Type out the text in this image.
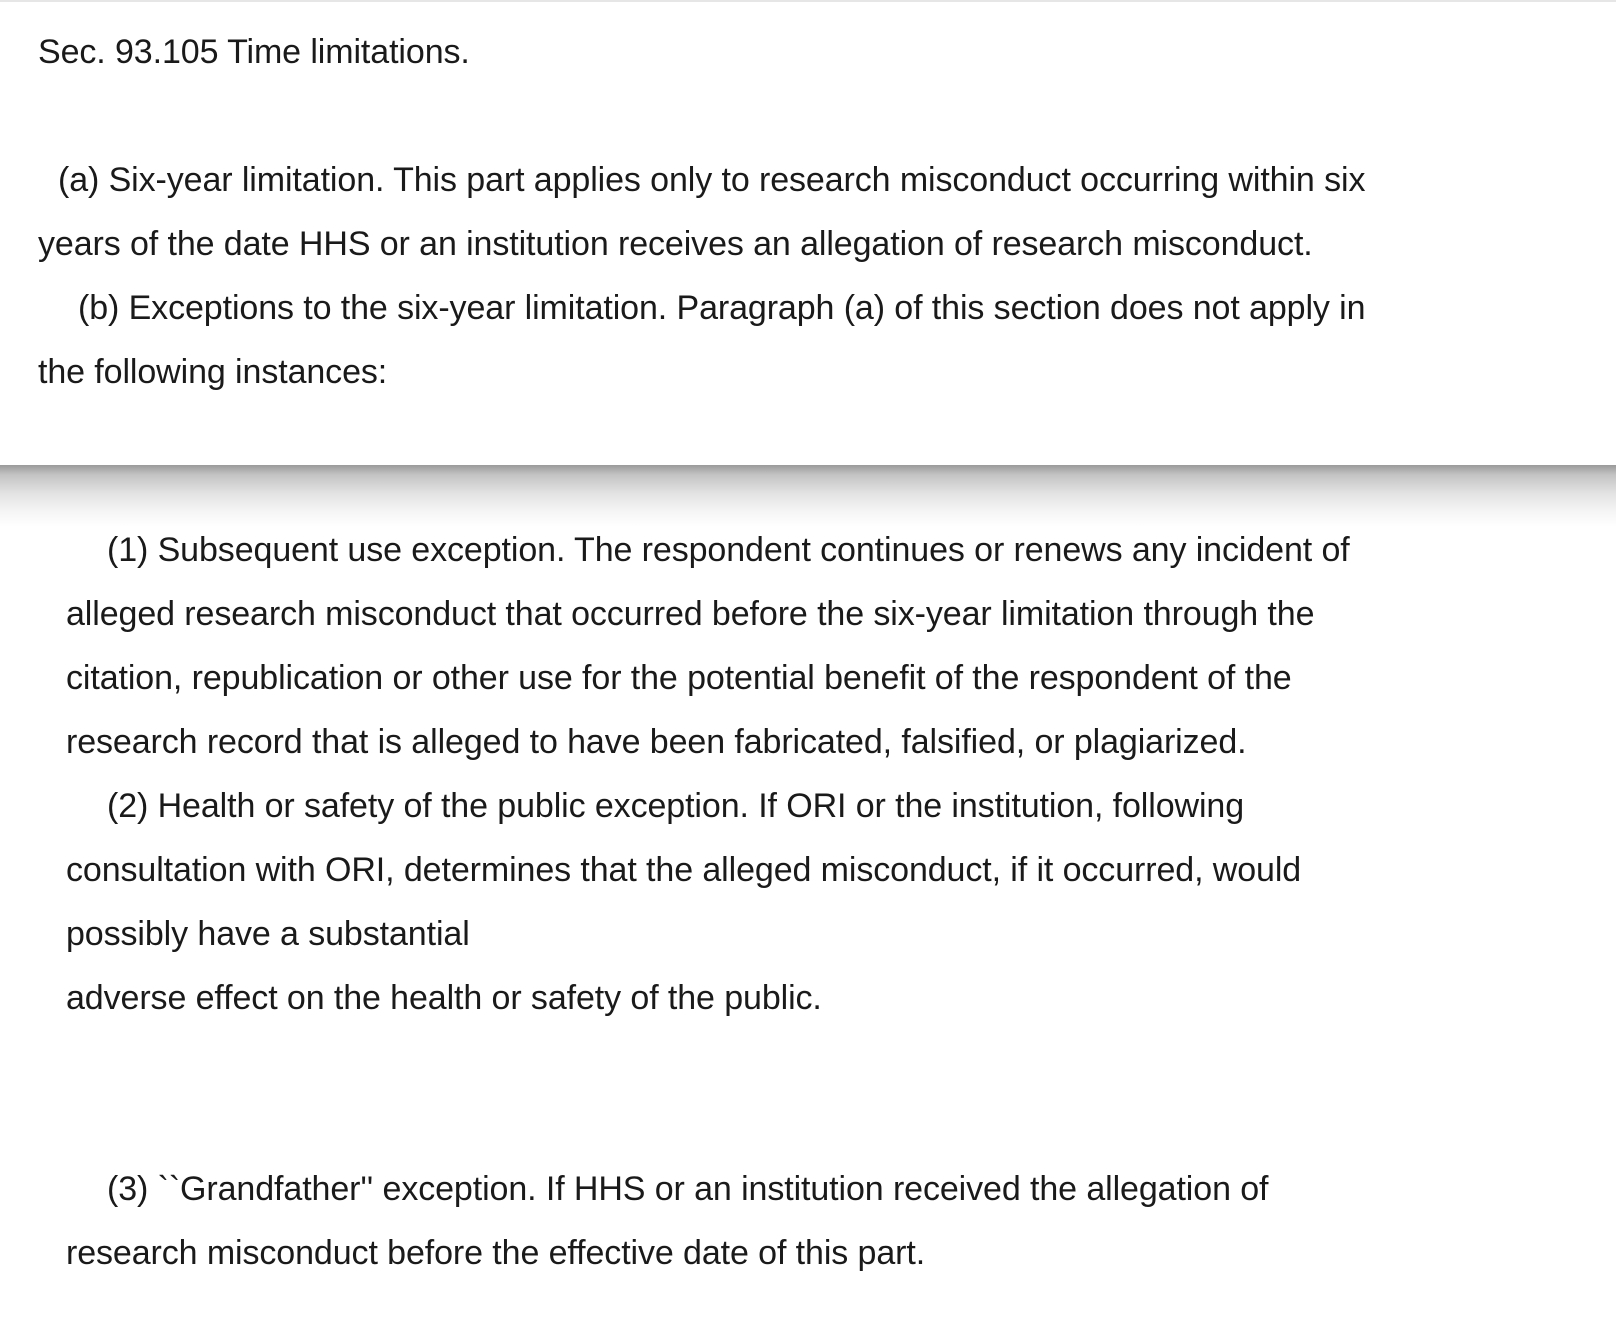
Sec. 93.105 Time limitations.
(a) Six-year limitation. This part applies only to research misconduct occurring within six
years of the date HHS or an institution receives an allegation of research misconduct.
(b) Exceptions to the six-year limitation. Paragraph (a) of this section does not apply in
the following instances:
(1) Subsequent use exception. The respondent continues or renews any incident of
alleged research misconduct that occurred before the six-year limitation through the
citation, republication or other use for the potential benefit of the respondent of the
research record that is alleged to have been fabricated, falsified, or plagiarized.
(2) Health or safety of the public exception. If ORI or the institution, following
consultation with ORI, determines that the alleged misconduct, if it occurred, would
possibly have a substantial
adverse effect on the health or safety of the public.
(3) ``Grandfather'' exception. If HHS or an institution received the allegation of
research misconduct before the effective date of this part.
